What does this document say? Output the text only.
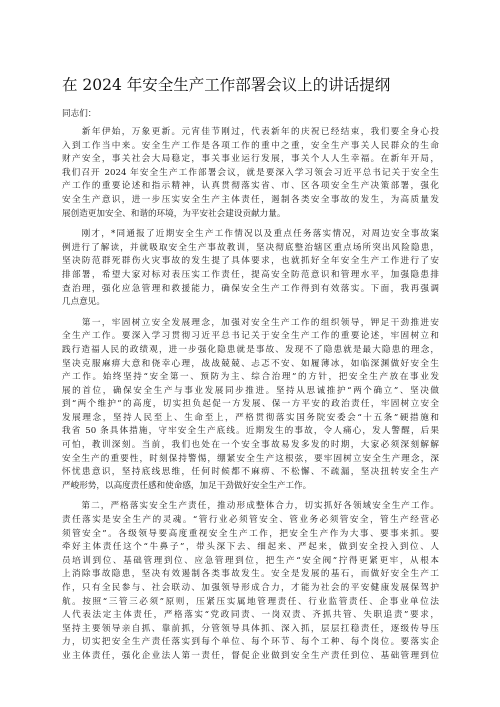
在 2024 年安全生产工作部署会议上的讲话提纲
同志们：
　　新年伊始，万象更新。元宵佳节刚过，代表新年的庆祝已经结束，我们要全身心投
入到工作当中来。安全生产工作是各项工作的重中之重，安全生产事关人民群众的生命
财产安全，事关社会大局稳定，事关事业运行发展，事关个人人生幸福。在新年开局，
我们召开 2024 年安全生产工作部署会议，就是要深入学习领会习近平总书记关于安全生
产工作的重要论述和指示精神，认真贯彻落实省、市、区各项安全生产决策部署，强化
安全生产意识，进一步压实安全生产主体责任，遏制各类安全事故的发生，为高质量发
展创造更加安全、和谐的环境，为平安社会建设贡献力量。
　　刚才，*同通报了近期安全生产工作情况以及重点任务落实情况，对周边安全事故案
例进行了解读，并就吸取安全生产事故教训，坚决彻底整治辖区重点场所突出风险隐患，
坚决防范群死群伤火灾事故的发生提了具体要求，也就抓好全年安全生产工作进行了安
排部署，希望大家对标对表压实工作责任，提高安全防范意识和管理水平，加强隐患排
查治理，强化应急管理和救援能力，确保安全生产工作得到有效落实。下面，我再强调
几点意见。
　　第一，牢固树立安全发展理念，加强对安全生产工作的组织领导，钾足干劲推进安
全生产工作。要深入学习贯彻习近平总书记关于安全生产工作的重要论述，牢固树立和
践行造福人民的政绩观，进一步强化隐患就是事故、发现不了隐患就是最大隐患的理念，
坚决克服麻痹大意和侥幸心理，战战兢兢、忐忑不安、如履薄冰，如临深渊做好安全生
产工作。始终坚持“安全第一、预防为主、综合治理”的方针，把安全生产放在事业发
展的首位，确保安全生产与事业发展同步推进。坚持从思诚推护“两个确立”、坚决做
到“两个维护”的高度，切实担负起促一方发展、保一方平安的政治责任，牢固树立安全
发展理念，坚持人民至上、生命至上，严格贯彻落实国务院安委会“十五条”硬措施和
我省 50 条具体措施，守牢安全生产底线。近期发生的事故，令人痛心，发人警醒，后果
可怕，教训深刻。当前，我们也处在一个安全事故易发多发的时期，大家必须深刻解解
安全生产的重要性，时刻保持警惕，绷紧安全生产这根弦，要牢固树立安全生产理念，深
怀忧患意识，坚持底线思维，任何时候都不麻痹、不松懈、不疏漏，坚决扭转安全生产
严峻形势，以高度责任感和使命感，加足干劲做好安全生产工作。
　　第二，严格落实安全生产责任，推动形成整体合力，切实抓好各领域安全生产工作。
责任落实是安全生产的灵魂。“管行业必须管安全、管业务必须管安全，管生产经营必
须管安全”。各级领导要高度重视安全生产工作，把安全生产作为大事、要事来抓。要
牵好主体责任这个“牛鼻子”，带头深下去、细起来、严起来，做到安全投入到位、人
员培训到位、基础管理到位、应急管理到位，把生产“安全阀”拧得更紧更牢，从根本
上消除事故隐患，坚决有效遏制各类事故发生。安全是发展的基石，而做好安全生产工
作，只有全民参与、社会联动、加强领导形成合力，才能为社会的平安健康发展保驾护
航。按照“三管三必须”原则，压紧压实属地管理责任、行业监管责任、企事业单位法
人代表法定主体责任，严格落实“党政同责、一岗双责、齐抓共管、失职追责”要求，
坚持主要领导亲自抓、靠前抓，分管领导具体抓、深入抓，层层扛稳责任，逐级传导压
力，切实把安全生产责任落实到每个单位、每个环节、每个工种、每个岗位。要落实企
业主体责任，强化企业法人第一责任，督促企业做到安全生产责任到位、基础管理到位
